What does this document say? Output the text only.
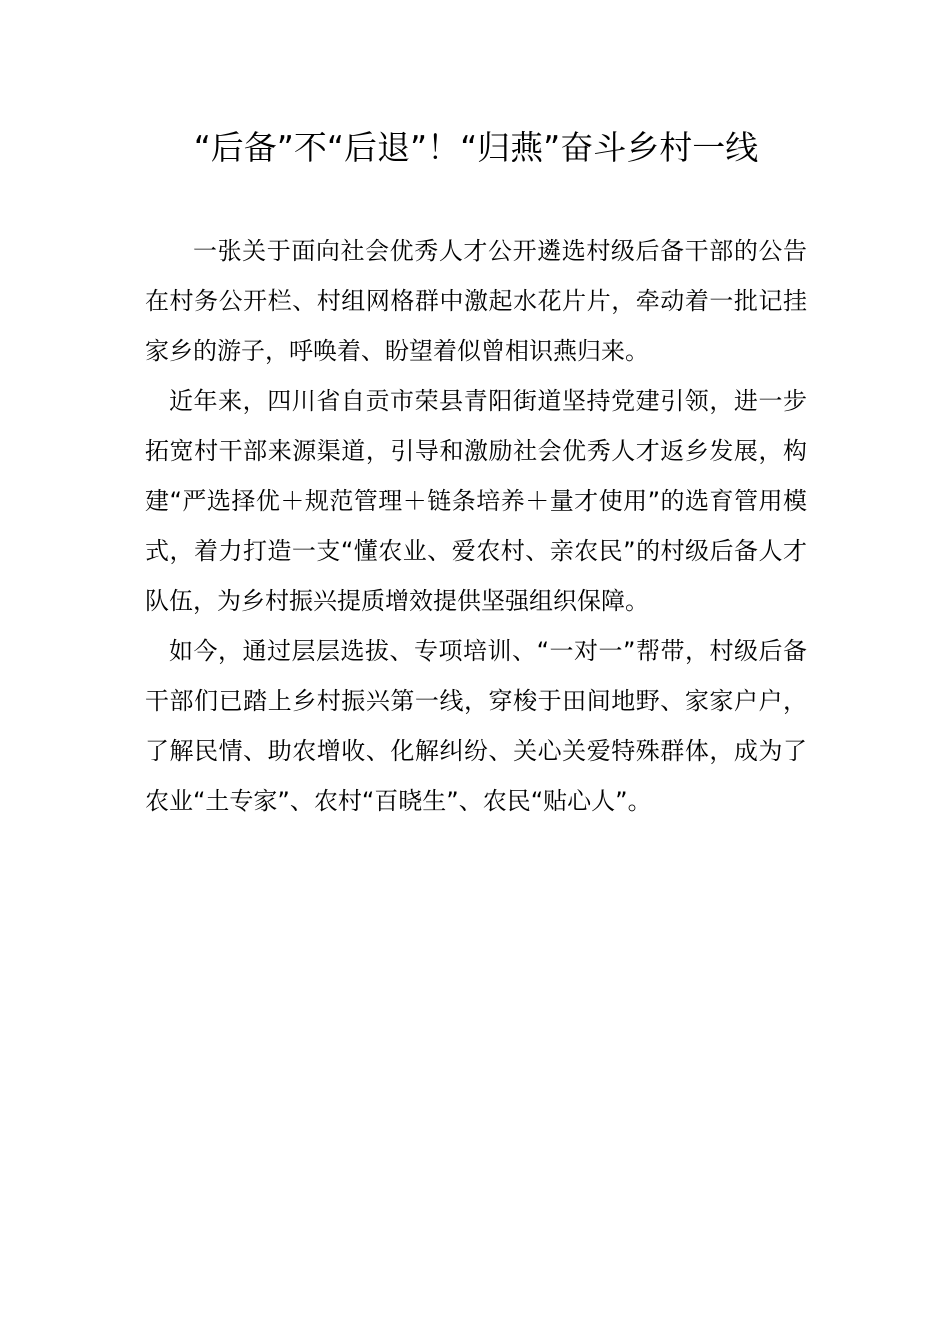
“后备”不“后退”！“归燕”奋斗乡村一线

一张关于面向社会优秀人才公开遴选村级后备干部的公告在村务公开栏、村组网格群中激起水花片片，牵动着一批记挂家乡的游子，呼唤着、盼望着似曾相识燕归来。

近年来，四川省自贡市荣县青阳街道坚持党建引领，进一步拓宽村干部来源渠道，引导和激励社会优秀人才返乡发展，构建“严选择优＋规范管理＋链条培养＋量才使用”的选育管用模式，着力打造一支“懂农业、爱农村、亲农民”的村级后备人才队伍，为乡村振兴提质增效提供坚强组织保障。

如今，通过层层选拔、专项培训、“一对一”帮带，村级后备干部们已踏上乡村振兴第一线，穿梭于田间地野、家家户户，了解民情、助农增收、化解纠纷、关心关爱特殊群体，成为了农业“土专家”、农村“百晓生”、农民“贴心人”。
